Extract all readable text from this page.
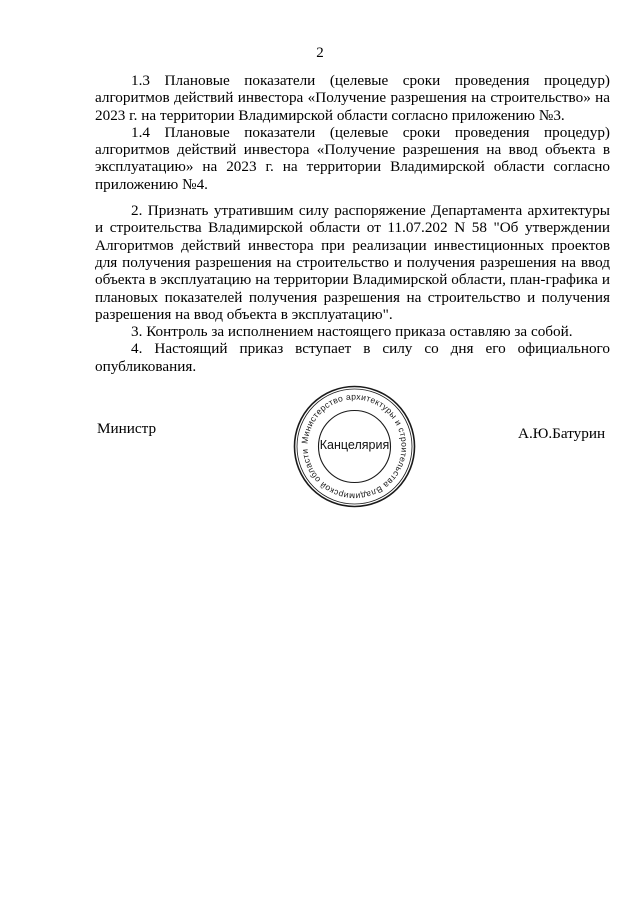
2

1.3 Плановые показатели (целевые сроки проведения процедур) алгоритмов действий инвестора «Получение разрешения на строительство» на 2023 г. на территории Владимирской области согласно приложению №3.

1.4 Плановые показатели (целевые сроки проведения процедур) алгоритмов действий инвестора «Получение разрешения на ввод объекта в эксплуатацию» на 2023 г. на территории Владимирской области согласно приложению №4.

2. Признать утратившим силу распоряжение Департамента архитектуры и строительства Владимирской области от 11.07.202 N 58 "Об утверждении Алгоритмов действий инвестора при реализации инвестиционных проектов для получения разрешения на строительство и получения разрешения на ввод объекта в эксплуатацию на территории Владимирской области, план-графика и плановых показателей получения разрешения на строительство и получения разрешения на ввод объекта в эксплуатацию".

3. Контроль за исполнением настоящего приказа оставляю за собой.

4. Настоящий приказ вступает в силу со дня его официального опубликования.

Министр
Министерство архитектуры и строительства Владимирской области Канцелярия
А.Ю.Батурин
